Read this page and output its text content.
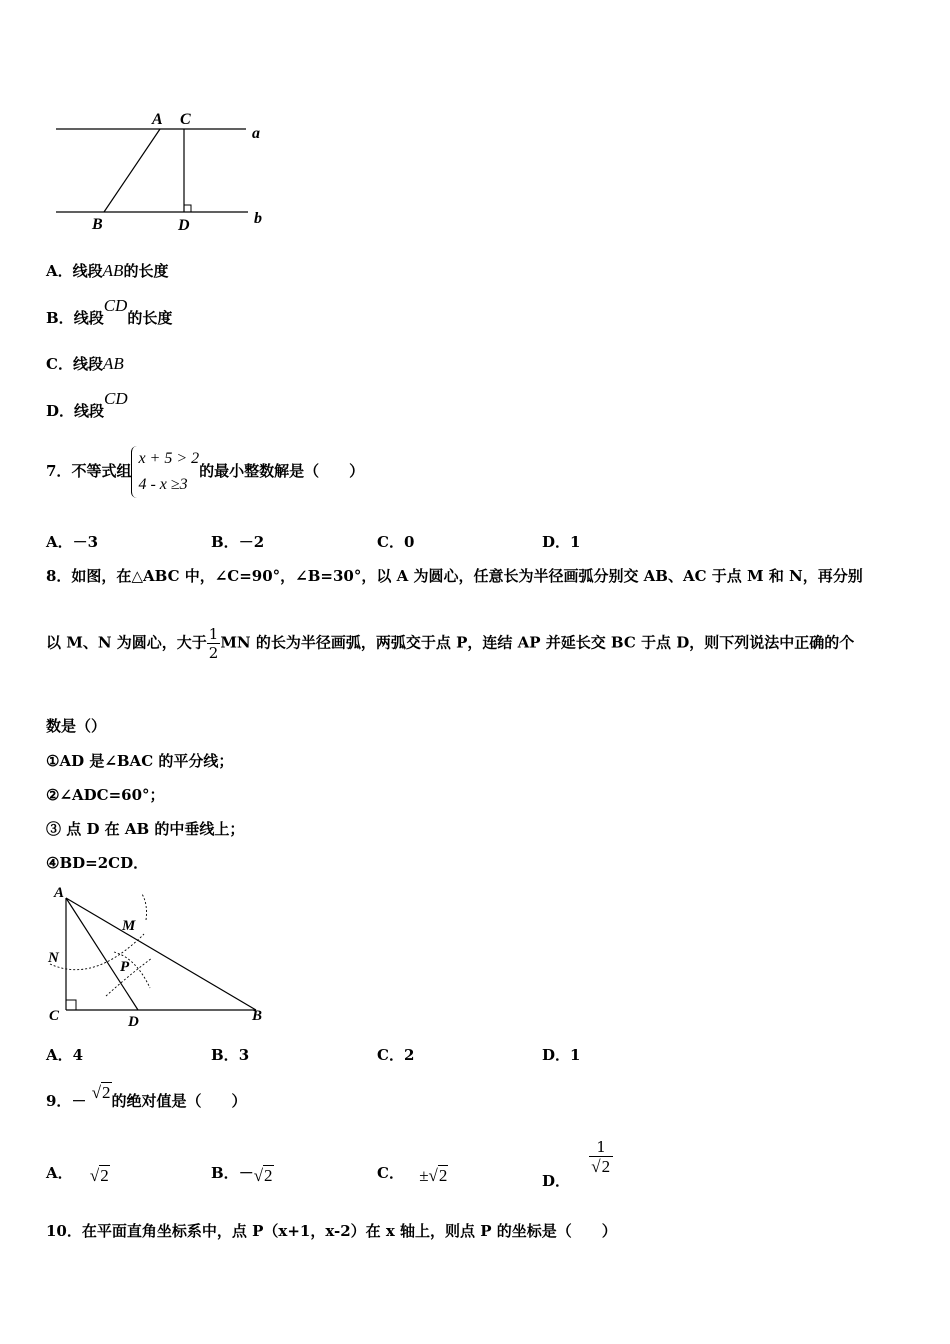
A C
a
B	D	b
A．线段AB的长度
B．线段CD的长度
C．线段AB
D．线段CD
7．不等式组x + 5 > 2
4 - x ≥3的最小整数解是（　　）
A．－3	B．－2	C．0	D．1
8．如图，在△ABC 中，∠C=90°，∠B=30°，以 A 为圆心，任意长为半径画弧分别交 AB、AC 于点 M 和 N，再分别
以 M、N 为圆心，大于 $\frac{1}{2}$ MN 的长为半径画弧，两弧交于点 P，连结 AP 并延长交 BC 于点 D，则下列说法中正确的个
数是（）
①AD 是∠BAC 的平分线；
②∠ADC=60°；
③ 点 D 在 AB 的中垂线上；
④BD=2CD．
A
M
N
P
C	D	B
A．4	B．3	C．2	D．1
9．－ √2的绝对值是（　　）
A． √2	B．－√2	C． ±√2	D．
$\frac{1}{√2}$
10．在平面直角坐标系中，点 P（x+1，x-2）在 x 轴上，则点 P 的坐标是（　　）
